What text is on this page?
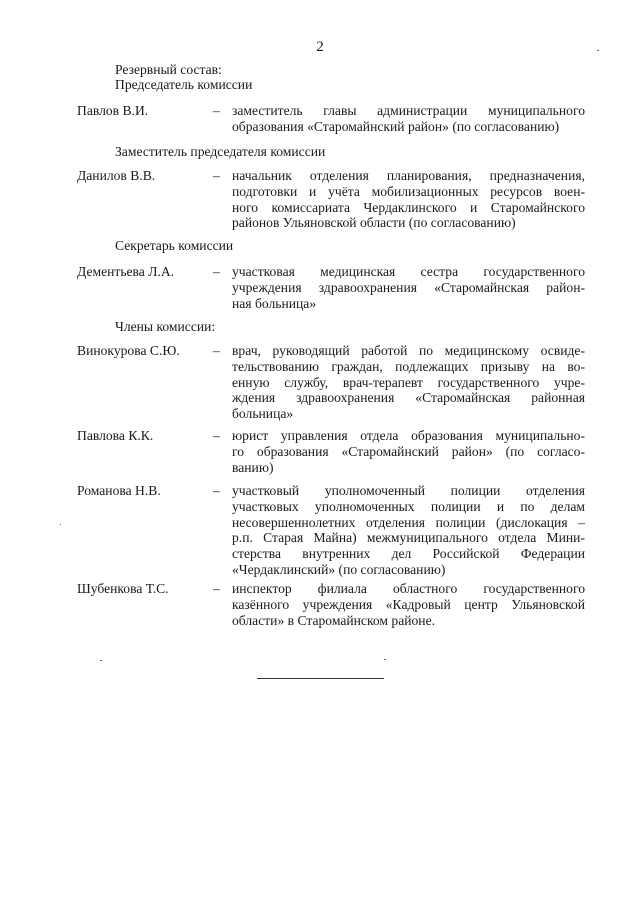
2
Резервный состав:
Председатель комиссии
Павлов В.И.	– заместитель главы администрации муниципального
образования «Старомайнский район» (по согласованию)
Заместитель председателя комиссии
Данилов В.В.	– начальник отделения планирования, предназначения,
подготовки и учёта мобилизационных ресурсов воен-
ного комиссариата Чердаклинского и Старомайнского
районов Ульяновской области (по согласованию)
Секретарь комиссии
Дементьева Л.А.	– участковая медицинская сестра государственного
учреждения здравоохранения «Старомайнская район-
ная больница»
Члены комиссии:
Винокурова С.Ю. – врач, руководящий работой по медицинскому освиде-
тельствованию граждан, подлежащих призыву на во-
енную службу, врач-терапевт государственного учре-
ждения здравоохранения «Старомайнская районная
больница»
Павлова К.К.	– юрист управления отдела образования муниципально-
го образования «Старомайнский район» (по согласо-
ванию)
Романова Н.В.	– участковый уполномоченный полиции отделения
участковых уполномоченных полиции и по делам
несовершеннолетних отделения полиции (дислокация –
р.п. Старая Майна) межмуниципального отдела Мини-
стерства внутренних дел Российской Федерации
«Чердаклинский» (по согласованию)
Шубенкова Т.С.	– инспектор филиала областного государственного
казённого учреждения «Кадровый центр Ульяновской
области» в Старомайнском районе.
